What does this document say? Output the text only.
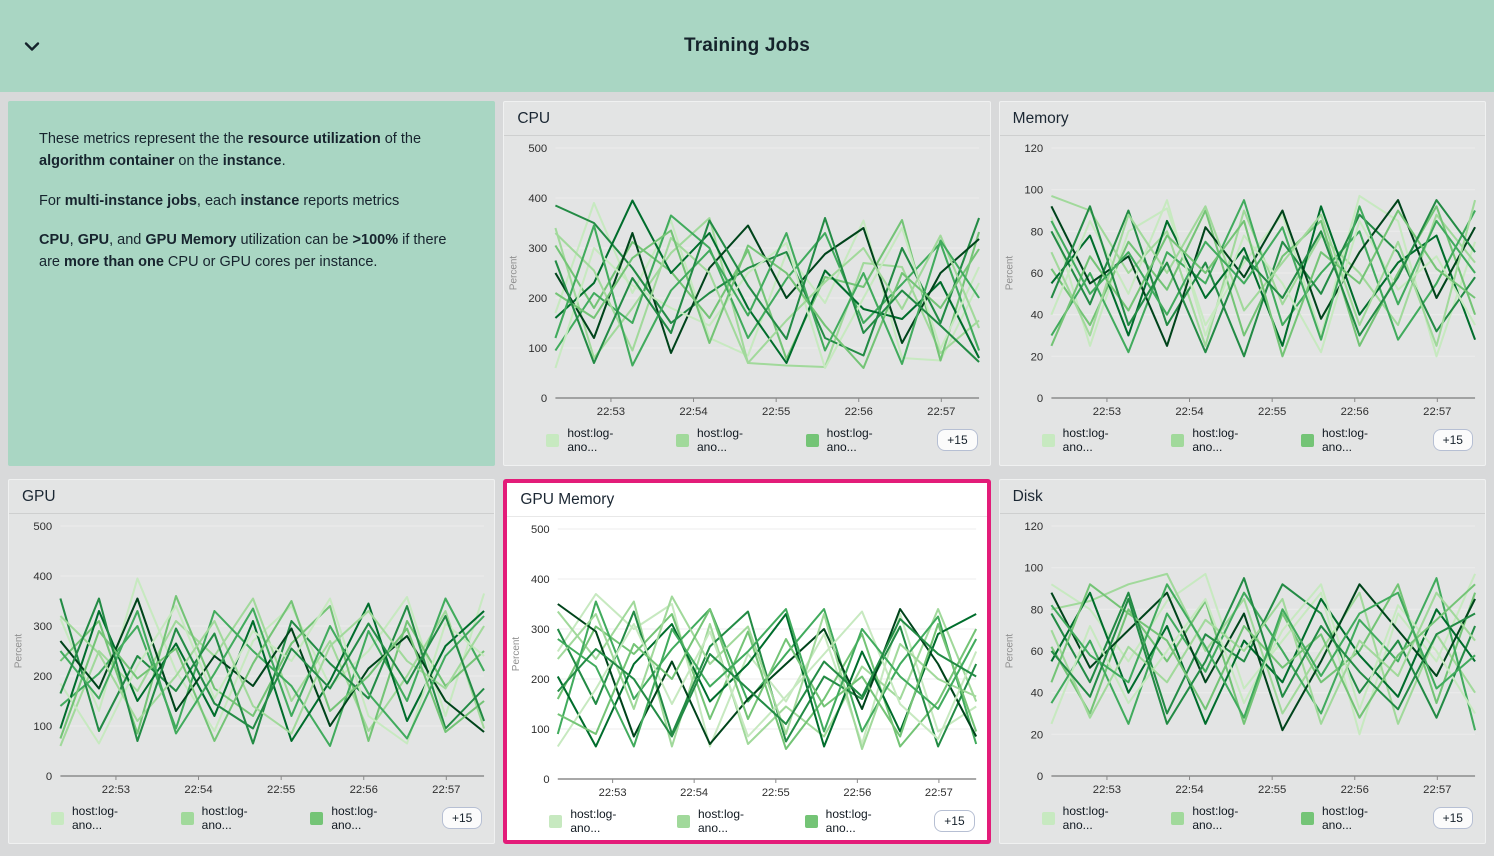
Training Jobs

These metrics represent the the resource utilization of the algorithm container on the instance.

For multi-instance jobs, each instance reports metrics

CPU, GPU, and GPU Memory utilization can be >100% if there are more than one CPU or GPU cores per instance.

CPU
0
100
200
300
400
500
Percent
22:53	22:54	22:55	22:56	22:57
host:log-ano...
host:log-ano...
host:log-ano...
+15
Memory
0
20
40
60
80
100
120
Percent
22:53	22:54	22:55	22:56	22:57
host:log-ano...
host:log-ano...
host:log-ano...
+15
GPU
0
100
200
300
400
500
Percent
22:53	22:54	22:55	22:56	22:57
host:log-ano...
host:log-ano...
host:log-ano...
+15
GPU Memory
0
100
200
300
400
500
Percent
22:53	22:54	22:55	22:56	22:57
host:log-ano...
host:log-ano...
host:log-ano...
+15
Disk
0
20
40
60
80
100
120
Percent
22:53	22:54	22:55	22:56	22:57
host:log-ano...
host:log-ano...
host:log-ano...
+15
